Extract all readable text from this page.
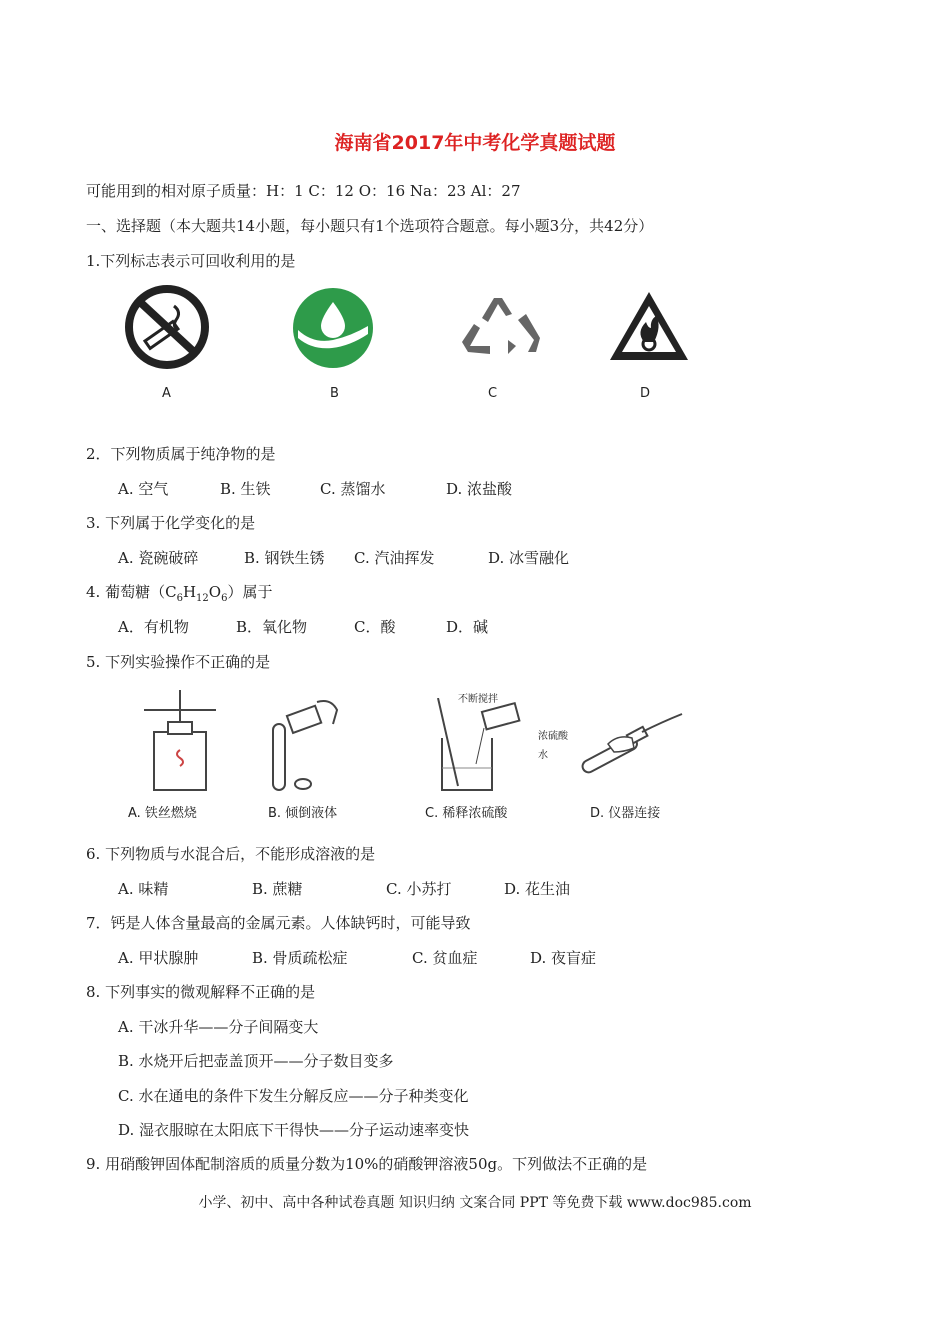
海南省2017年中考化学真题试题
可能用到的相对原子质量：H：1 C：12 O：16 Na：23 Al：27
一、选择题（本大题共14小题，每小题只有1个选项符合题意。每小题3分，共42分）
1.下列标志表示可回收利用的是
A	B	C	D
2．下列物质属于纯净物的是
A. 空气	B. 生铁	C. 蒸馏水	D. 浓盐酸
3. 下列属于化学变化的是
A. 瓷碗破碎	B. 钢铁生锈 C. 汽油挥发	D. 冰雪融化
4. 葡萄糖$(C_6H_{12}O_6)$属于
A．有机物	B．氧化物	C．酸	D．碱
5. 下列实验操作不正确的是
不断搅拌
浓硫酸
水
A. 铁丝燃烧	B. 倾倒液体	C. 稀释浓硫酸	D. 仪器连接
6. 下列物质与水混合后，不能形成溶液的是
A. 味精	B. 蔗糖	C. 小苏打	D. 花生油
7．钙是人体含量最高的金属元素。人体缺钙时，可能导致
A. 甲状腺肿	B. 骨质疏松症	C. 贫血症	D. 夜盲症
8. 下列事实的微观解释不正确的是
A. 干冰升华——分子间隔变大
B. 水烧开后把壶盖顶开——分子数目变多
C. 水在通电的条件下发生分解反应——分子种类变化
D. 湿衣服晾在太阳底下干得快——分子运动速率变快
9. 用硝酸钾固体配制溶质的质量分数为10%的硝酸钾溶液50g。下列做法不正确的是
小学、初中、高中各种试卷真题 知识归纳 文案合同 PPT 等免费下载 www.doc985.com
